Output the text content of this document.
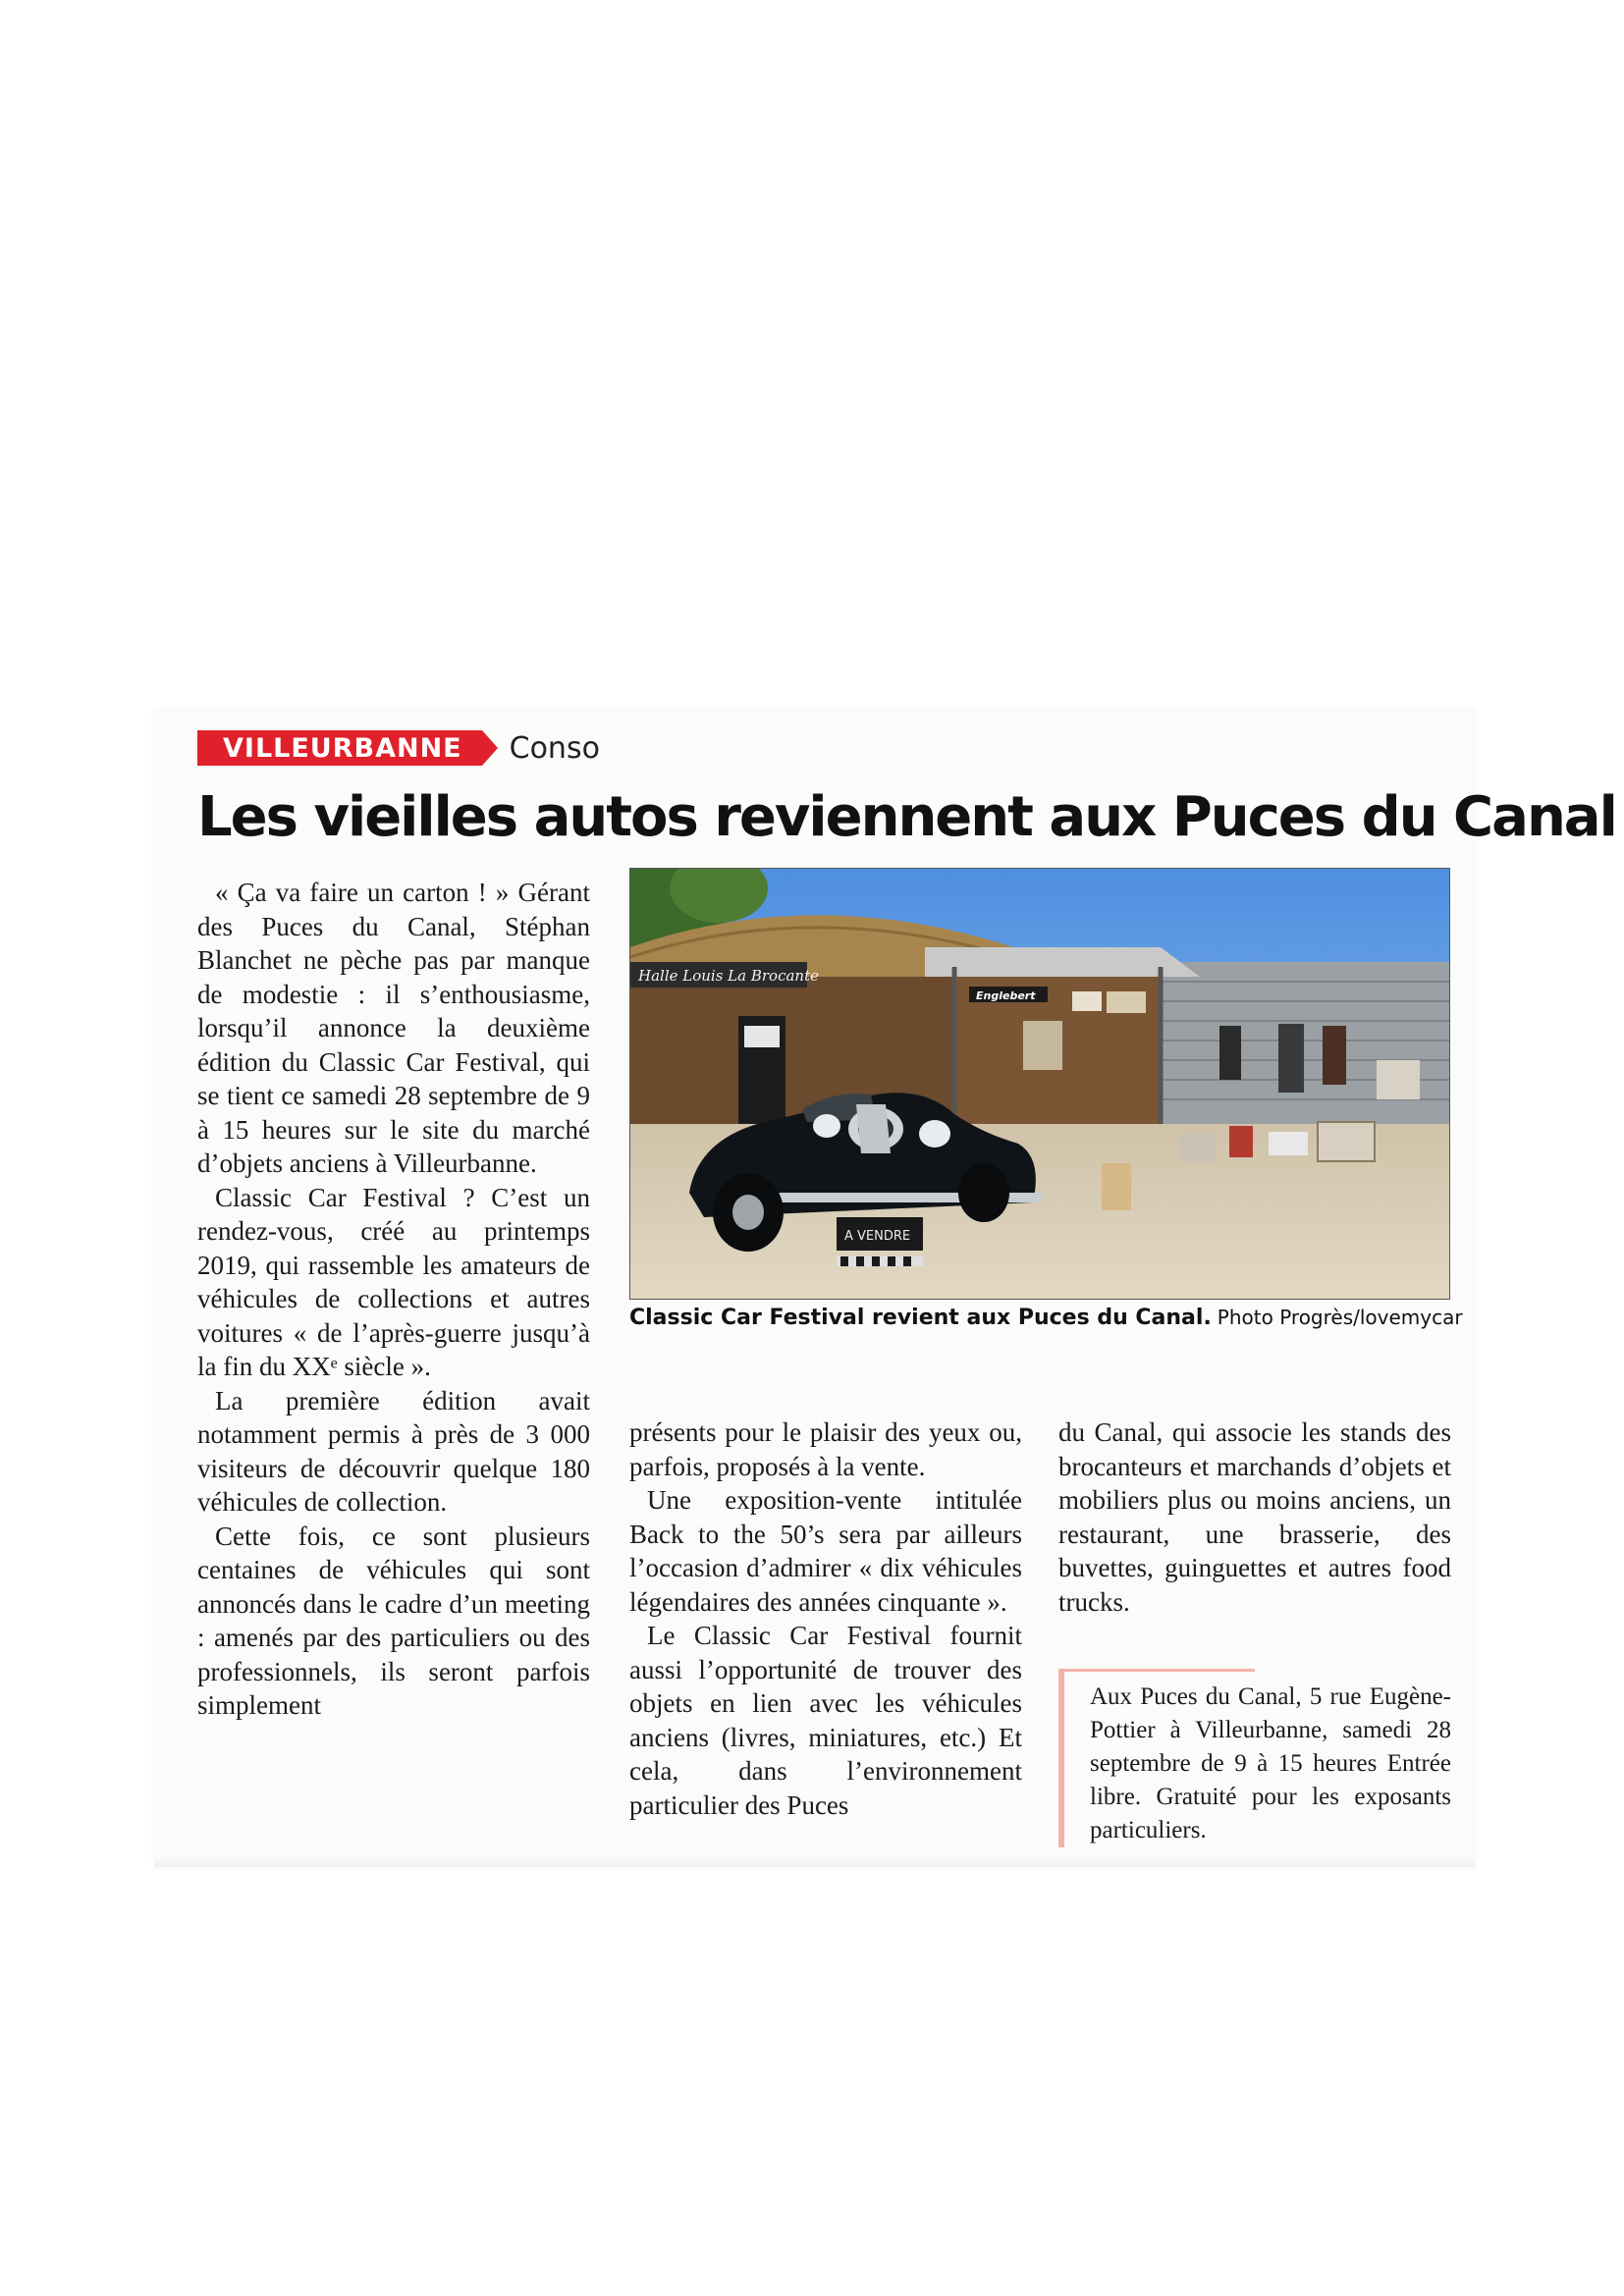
VILLEURBANNE	Conso
Les vieilles autos reviennent aux Puces du Canal

« Ça va faire un carton ! » Gérant des Puces du Canal, Stéphan Blanchet ne pèche pas par manque de modestie : il s’enthousiasme, lorsqu’il annonce la deuxième édition du Classic Car Festival, qui se tient ce samedi 28 septembre de 9 à 15 heures sur le site du marché d’objets anciens à Villeurbanne.

Classic Car Festival ? C’est un rendez-vous, créé au printemps 2019, qui rassemble les amateurs de véhicules de collections et autres voitures « de l’après-guerre jusqu’à la fin du XXᵉ siècle ».

La première édition avait notamment permis à près de 3 000 visiteurs de découvrir quelque 180 véhicules de collection.

Cette fois, ce sont plusieurs centaines de véhicules qui sont annoncés dans le cadre d’un meeting : amenés par des particuliers ou des professionnels, ils seront parfois simplement

Halle Louis La Brocante
Englebert
A VENDRE
Classic Car Festival revient aux Puces du Canal. Photo Progrès/lovemycar

présents pour le plaisir des yeux ou, parfois, proposés à la vente.

Une exposition-vente intitulée Back to the 50’s sera par ailleurs l’occasion d’admirer « dix véhicules légendaires des années cinquante ».

Le Classic Car Festival fournit aussi l’opportunité de trouver des objets en lien avec les véhicules anciens (livres, miniatures, etc.) Et cela, dans l’environnement particulier des Puces

du Canal, qui associe les stands des brocanteurs et marchands d’objets et mobiliers plus ou moins anciens, un restaurant, une brasserie, des buvettes, guinguettes et autres food trucks.

Aux Puces du Canal, 5 rue Eugène-Pottier à Villeurbanne, samedi 28 septembre de 9 à 15 heures Entrée libre. Gratuité pour les exposants particuliers.
